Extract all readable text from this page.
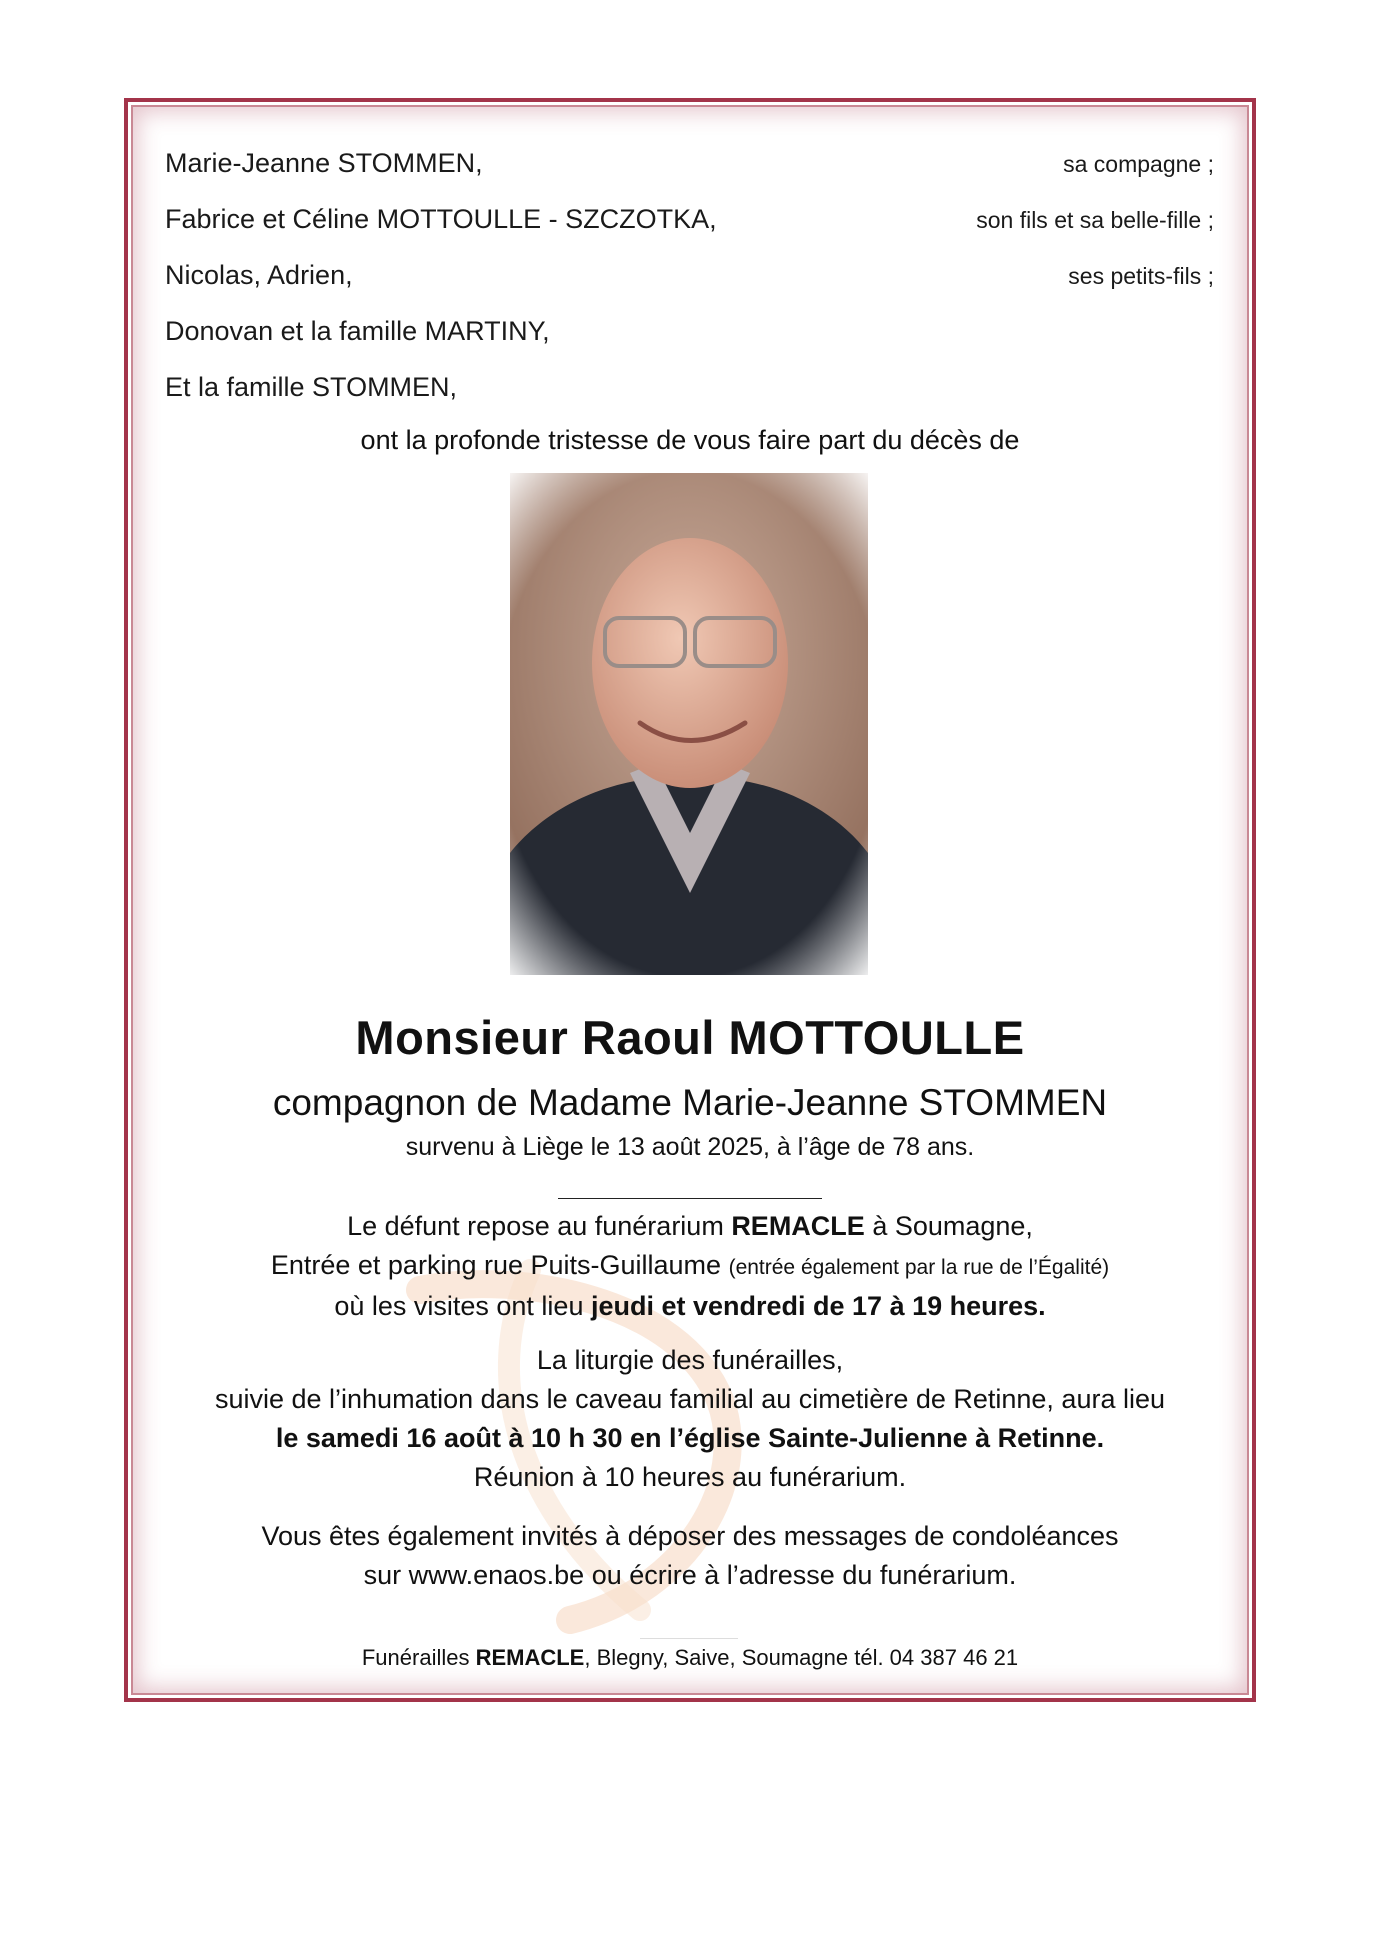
Marie-Jeanne STOMMEN,	sa compagne ;
Fabrice et Céline MOTTOULLE - SZCZOTKA,	son fils et sa belle-fille ;
Nicolas, Adrien,	ses petits-fils ;
Donovan et la famille MARTINY,
Et la famille STOMMEN,
ont la profonde tristesse de vous faire part du décès de
Monsieur Raoul MOTTOULLE
compagnon de Madame Marie-Jeanne STOMMEN
survenu à Liège le 13 août 2025, à l’âge de 78 ans.
Le défunt repose au funérarium REMACLE à Soumagne,
Entrée et parking rue Puits-Guillaume (entrée également par la rue de l’Égalité)
où les visites ont lieu jeudi et vendredi de 17 à 19 heures.
La liturgie des funérailles,
suivie de l’inhumation dans le caveau familial au cimetière de Retinne, aura lieu
le samedi 16 août à 10 h 30 en l’église Sainte-Julienne à Retinne.
Réunion à 10 heures au funérarium.
Vous êtes également invités à déposer des messages de condoléances
sur www.enaos.be ou écrire à l’adresse du funérarium.
Funérailles REMACLE, Blegny, Saive, Soumagne tél. 04 387 46 21
